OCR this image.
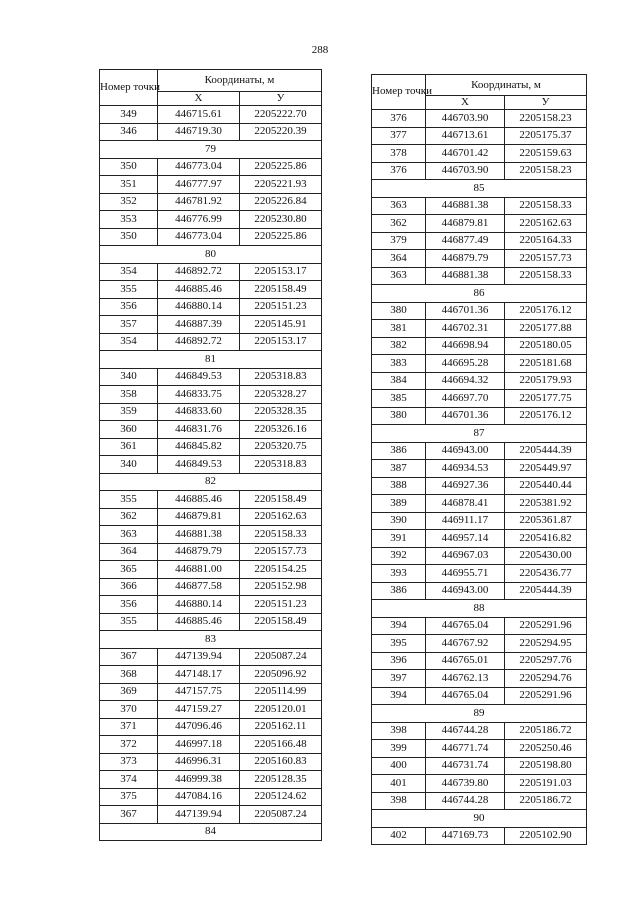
288
Номер точки	Координаты, м	
	X	У
349	446715.61	2205222.70
346	446719.30	2205220.39
79		
350	446773.04	2205225.86
351	446777.97	2205221.93
352	446781.92	2205226.84
353	446776.99	2205230.80
350	446773.04	2205225.86
80		
354	446892.72	2205153.17
355	446885.46	2205158.49
356	446880.14	2205151.23
357	446887.39	2205145.91
354	446892.72	2205153.17
81		
340	446849.53	2205318.83
358	446833.75	2205328.27
359	446833.60	2205328.35
360	446831.76	2205326.16
361	446845.82	2205320.75
340	446849.53	2205318.83
82		
355	446885.46	2205158.49
362	446879.81	2205162.63
363	446881.38	2205158.33
364	446879.79	2205157.73
365	446881.00	2205154.25
366	446877.58	2205152.98
356	446880.14	2205151.23
355	446885.46	2205158.49
83		
367	447139.94	2205087.24
368	447148.17	2205096.92
369	447157.75	2205114.99
370	447159.27	2205120.01
371	447096.46	2205162.11
372	446997.18	2205166.48
373	446996.31	2205160.83
374	446999.38	2205128.35
375	447084.16	2205124.62
367	447139.94	2205087.24
84		
Номер точки	Координаты, м	
	X	У
376	446703.90	2205158.23
377	446713.61	2205175.37
378	446701.42	2205159.63
376	446703.90	2205158.23
85		
363	446881.38	2205158.33
362	446879.81	2205162.63
379	446877.49	2205164.33
364	446879.79	2205157.73
363	446881.38	2205158.33
86		
380	446701.36	2205176.12
381	446702.31	2205177.88
382	446698.94	2205180.05
383	446695.28	2205181.68
384	446694.32	2205179.93
385	446697.70	2205177.75
380	446701.36	2205176.12
87		
386	446943.00	2205444.39
387	446934.53	2205449.97
388	446927.36	2205440.44
389	446878.41	2205381.92
390	446911.17	2205361.87
391	446957.14	2205416.82
392	446967.03	2205430.00
393	446955.71	2205436.77
386	446943.00	2205444.39
88		
394	446765.04	2205291.96
395	446767.92	2205294.95
396	446765.01	2205297.76
397	446762.13	2205294.76
394	446765.04	2205291.96
89		
398	446744.28	2205186.72
399	446771.74	2205250.46
400	446731.74	2205198.80
401	446739.80	2205191.03
398	446744.28	2205186.72
90		
402	447169.73	2205102.90
